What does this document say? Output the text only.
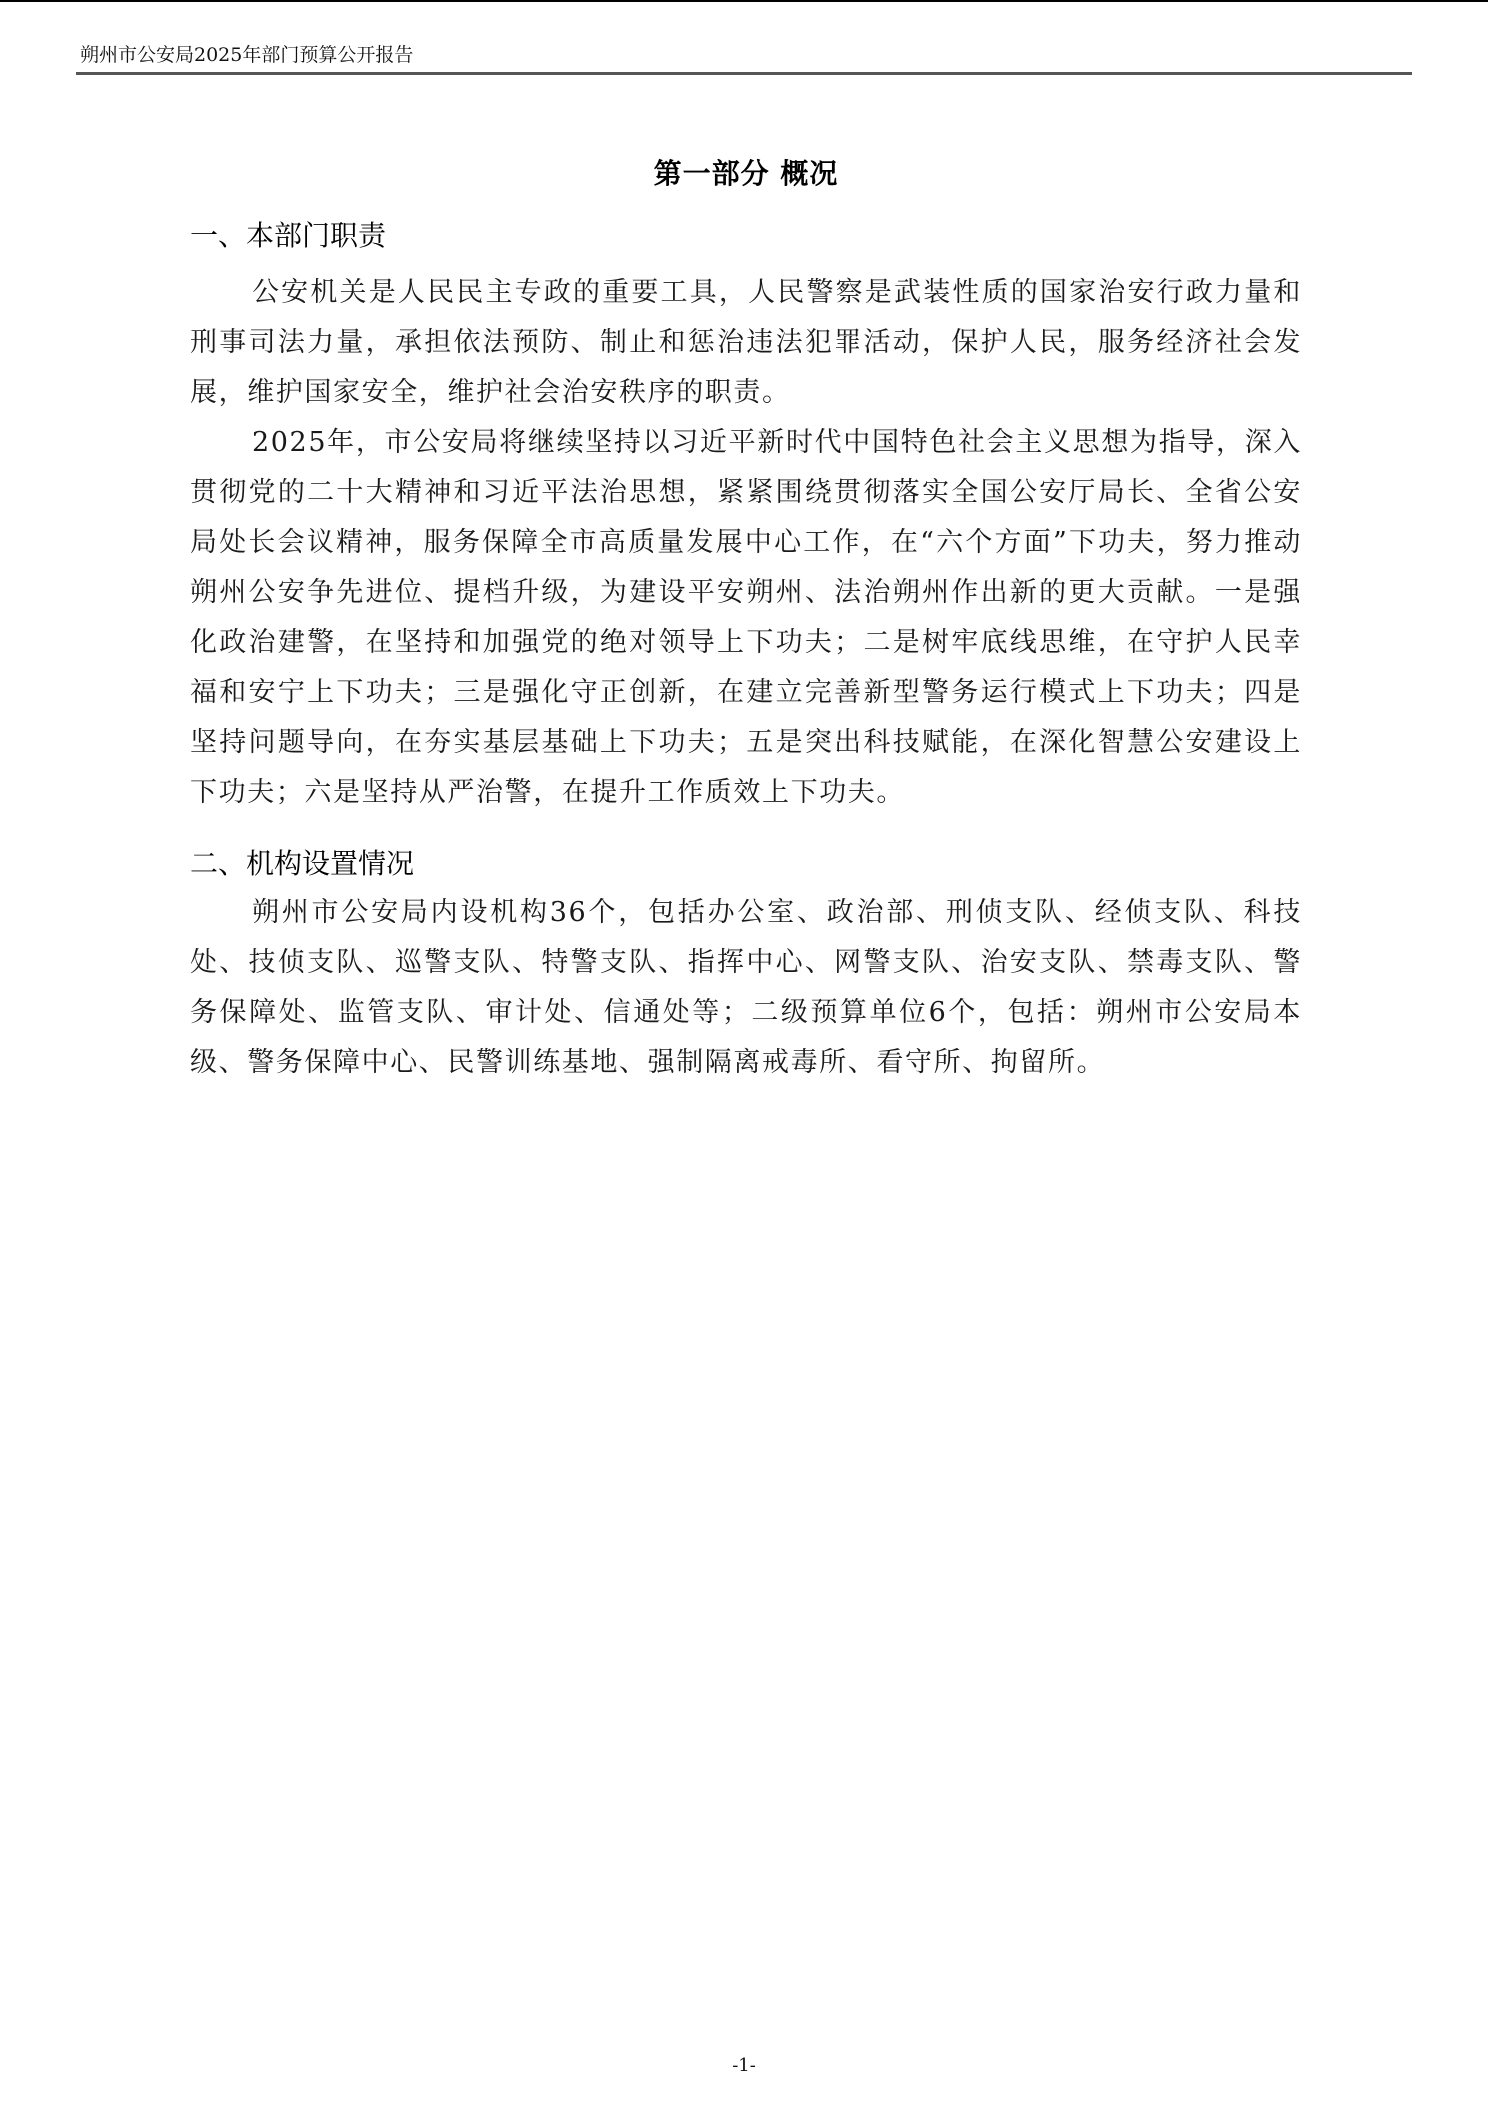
朔州市公安局2025年部门预算公开报告
第一部分 概况
一、本部门职责

公安机关是人民民主专政的重要工具，人民警察是武装性质的国家治安行政力量和刑事司法力量，承担依法预防、制止和惩治违法犯罪活动，保护人民，服务经济社会发展，维护国家安全，维护社会治安秩序的职责。

2025年，市公安局将继续坚持以习近平新时代中国特色社会主义思想为指导，深入贯彻党的二十大精神和习近平法治思想，紧紧围绕贯彻落实全国公安厅局长、全省公安局处长会议精神，服务保障全市高质量发展中心工作，在“六个方面”下功夫，努力推动朔州公安争先进位、提档升级，为建设平安朔州、法治朔州作出新的更大贡献。一是强化政治建警，在坚持和加强党的绝对领导上下功夫；二是树牢底线思维，在守护人民幸福和安宁上下功夫；三是强化守正创新，在建立完善新型警务运行模式上下功夫；四是坚持问题导向，在夯实基层基础上下功夫；五是突出科技赋能，在深化智慧公安建设上下功夫；六是坚持从严治警，在提升工作质效上下功夫。

二、机构设置情况

朔州市公安局内设机构36个，包括办公室、政治部、刑侦支队、经侦支队、科技处、技侦支队、巡警支队、特警支队、指挥中心、网警支队、治安支队、禁毒支队、警务保障处、监管支队、审计处、信通处等；二级预算单位6个，包括：朔州市公安局本级、警务保障中心、民警训练基地、强制隔离戒毒所、看守所、拘留所。

-1-
